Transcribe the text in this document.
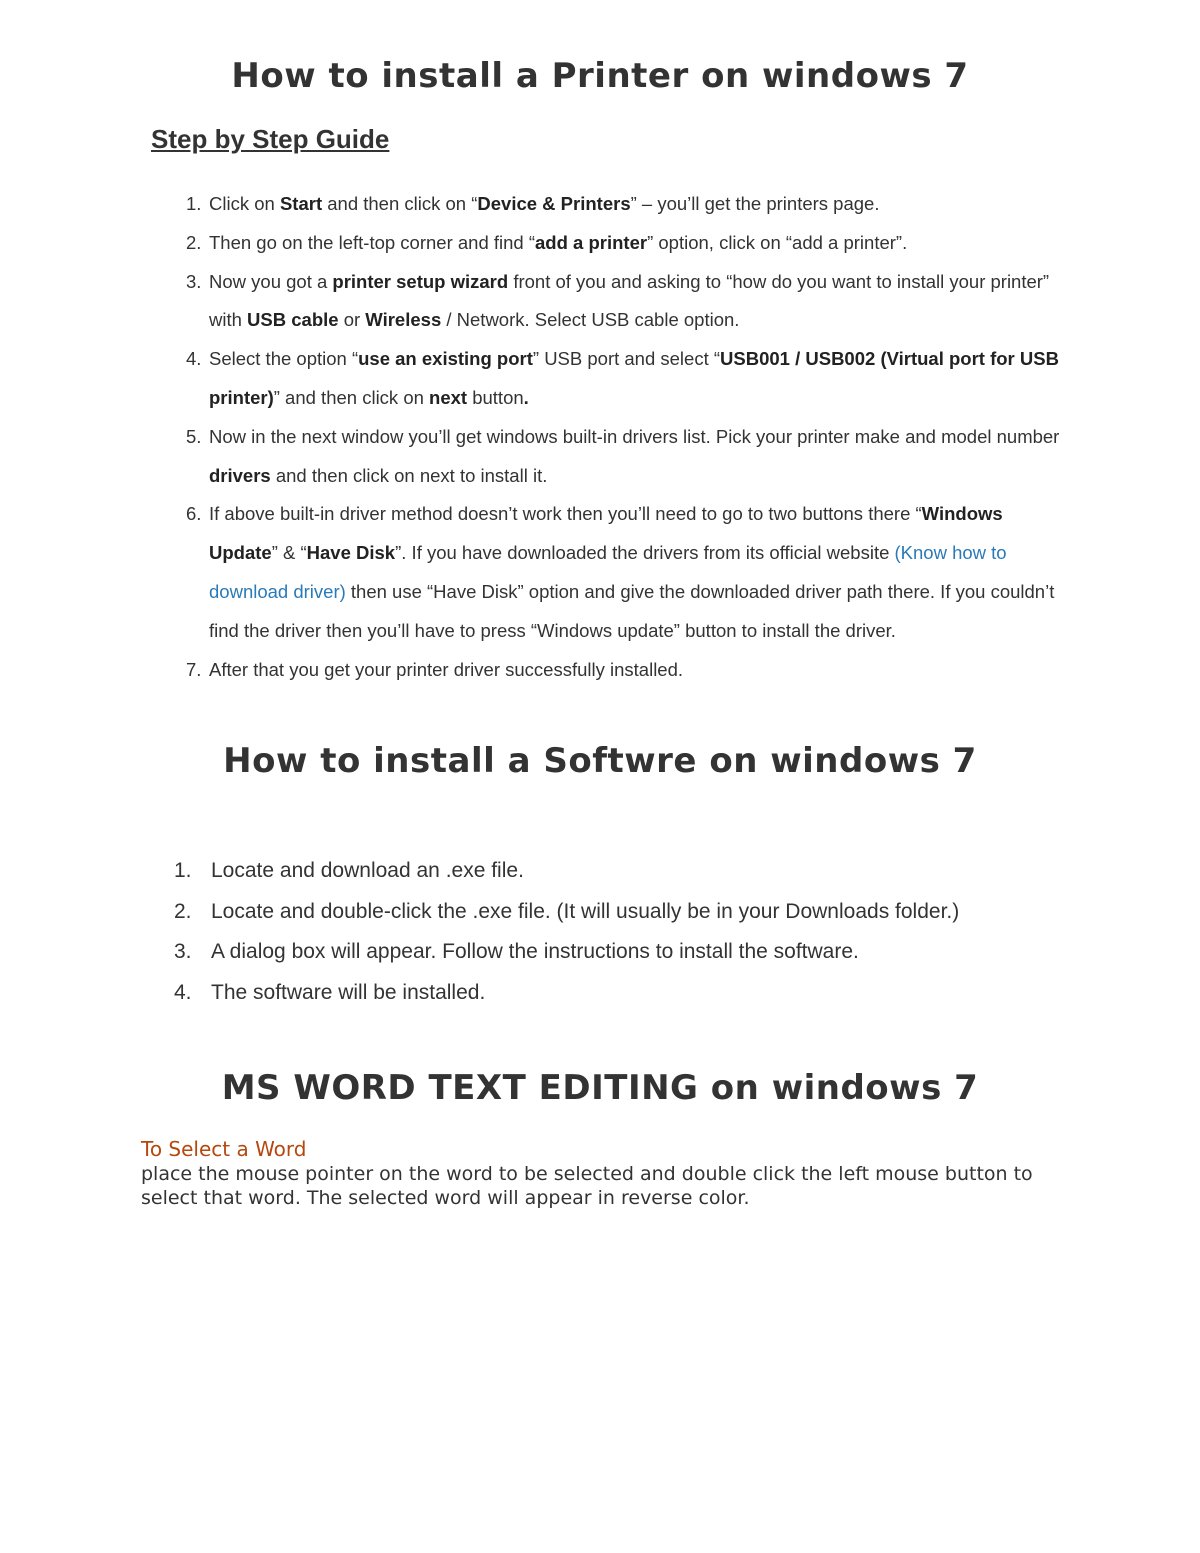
How to install a Printer on windows 7
Step by Step Guide
1. Click on Start and then click on “Device & Printers” – you’ll get the printers page.
2. Then go on the left-top corner and find “add a printer” option, click on “add a printer”.
3. Now you got a printer setup wizard front of you and asking to “how do you want to install your printer” with USB cable or Wireless / Network. Select USB cable option.
4. Select the option “use an existing port” USB port and select “USB001 / USB002 (Virtual port for USB printer)” and then click on next button.
5. Now in the next window you’ll get windows built-in drivers list. Pick your printer make and model number drivers and then click on next to install it.
6. If above built-in driver method doesn’t work then you’ll need to go to two buttons there “Windows Update” & “Have Disk”. If you have downloaded the drivers from its official website (Know how to download driver) then use “Have Disk” option and give the downloaded driver path there. If you couldn’t find the driver then you’ll have to press “Windows update” button to install the driver.
7. After that you get your printer driver successfully installed.
How to install a Softwre on windows 7
1. Locate and download an .exe file.
2. Locate and double-click the .exe file. (It will usually be in your Downloads folder.)
3. A dialog box will appear. Follow the instructions to install the software.
4. The software will be installed.
MS WORD TEXT EDITING on windows 7
To Select a Word

place the mouse pointer on the word to be selected and double click the left mouse button to select that word. The selected word will appear in reverse color.
